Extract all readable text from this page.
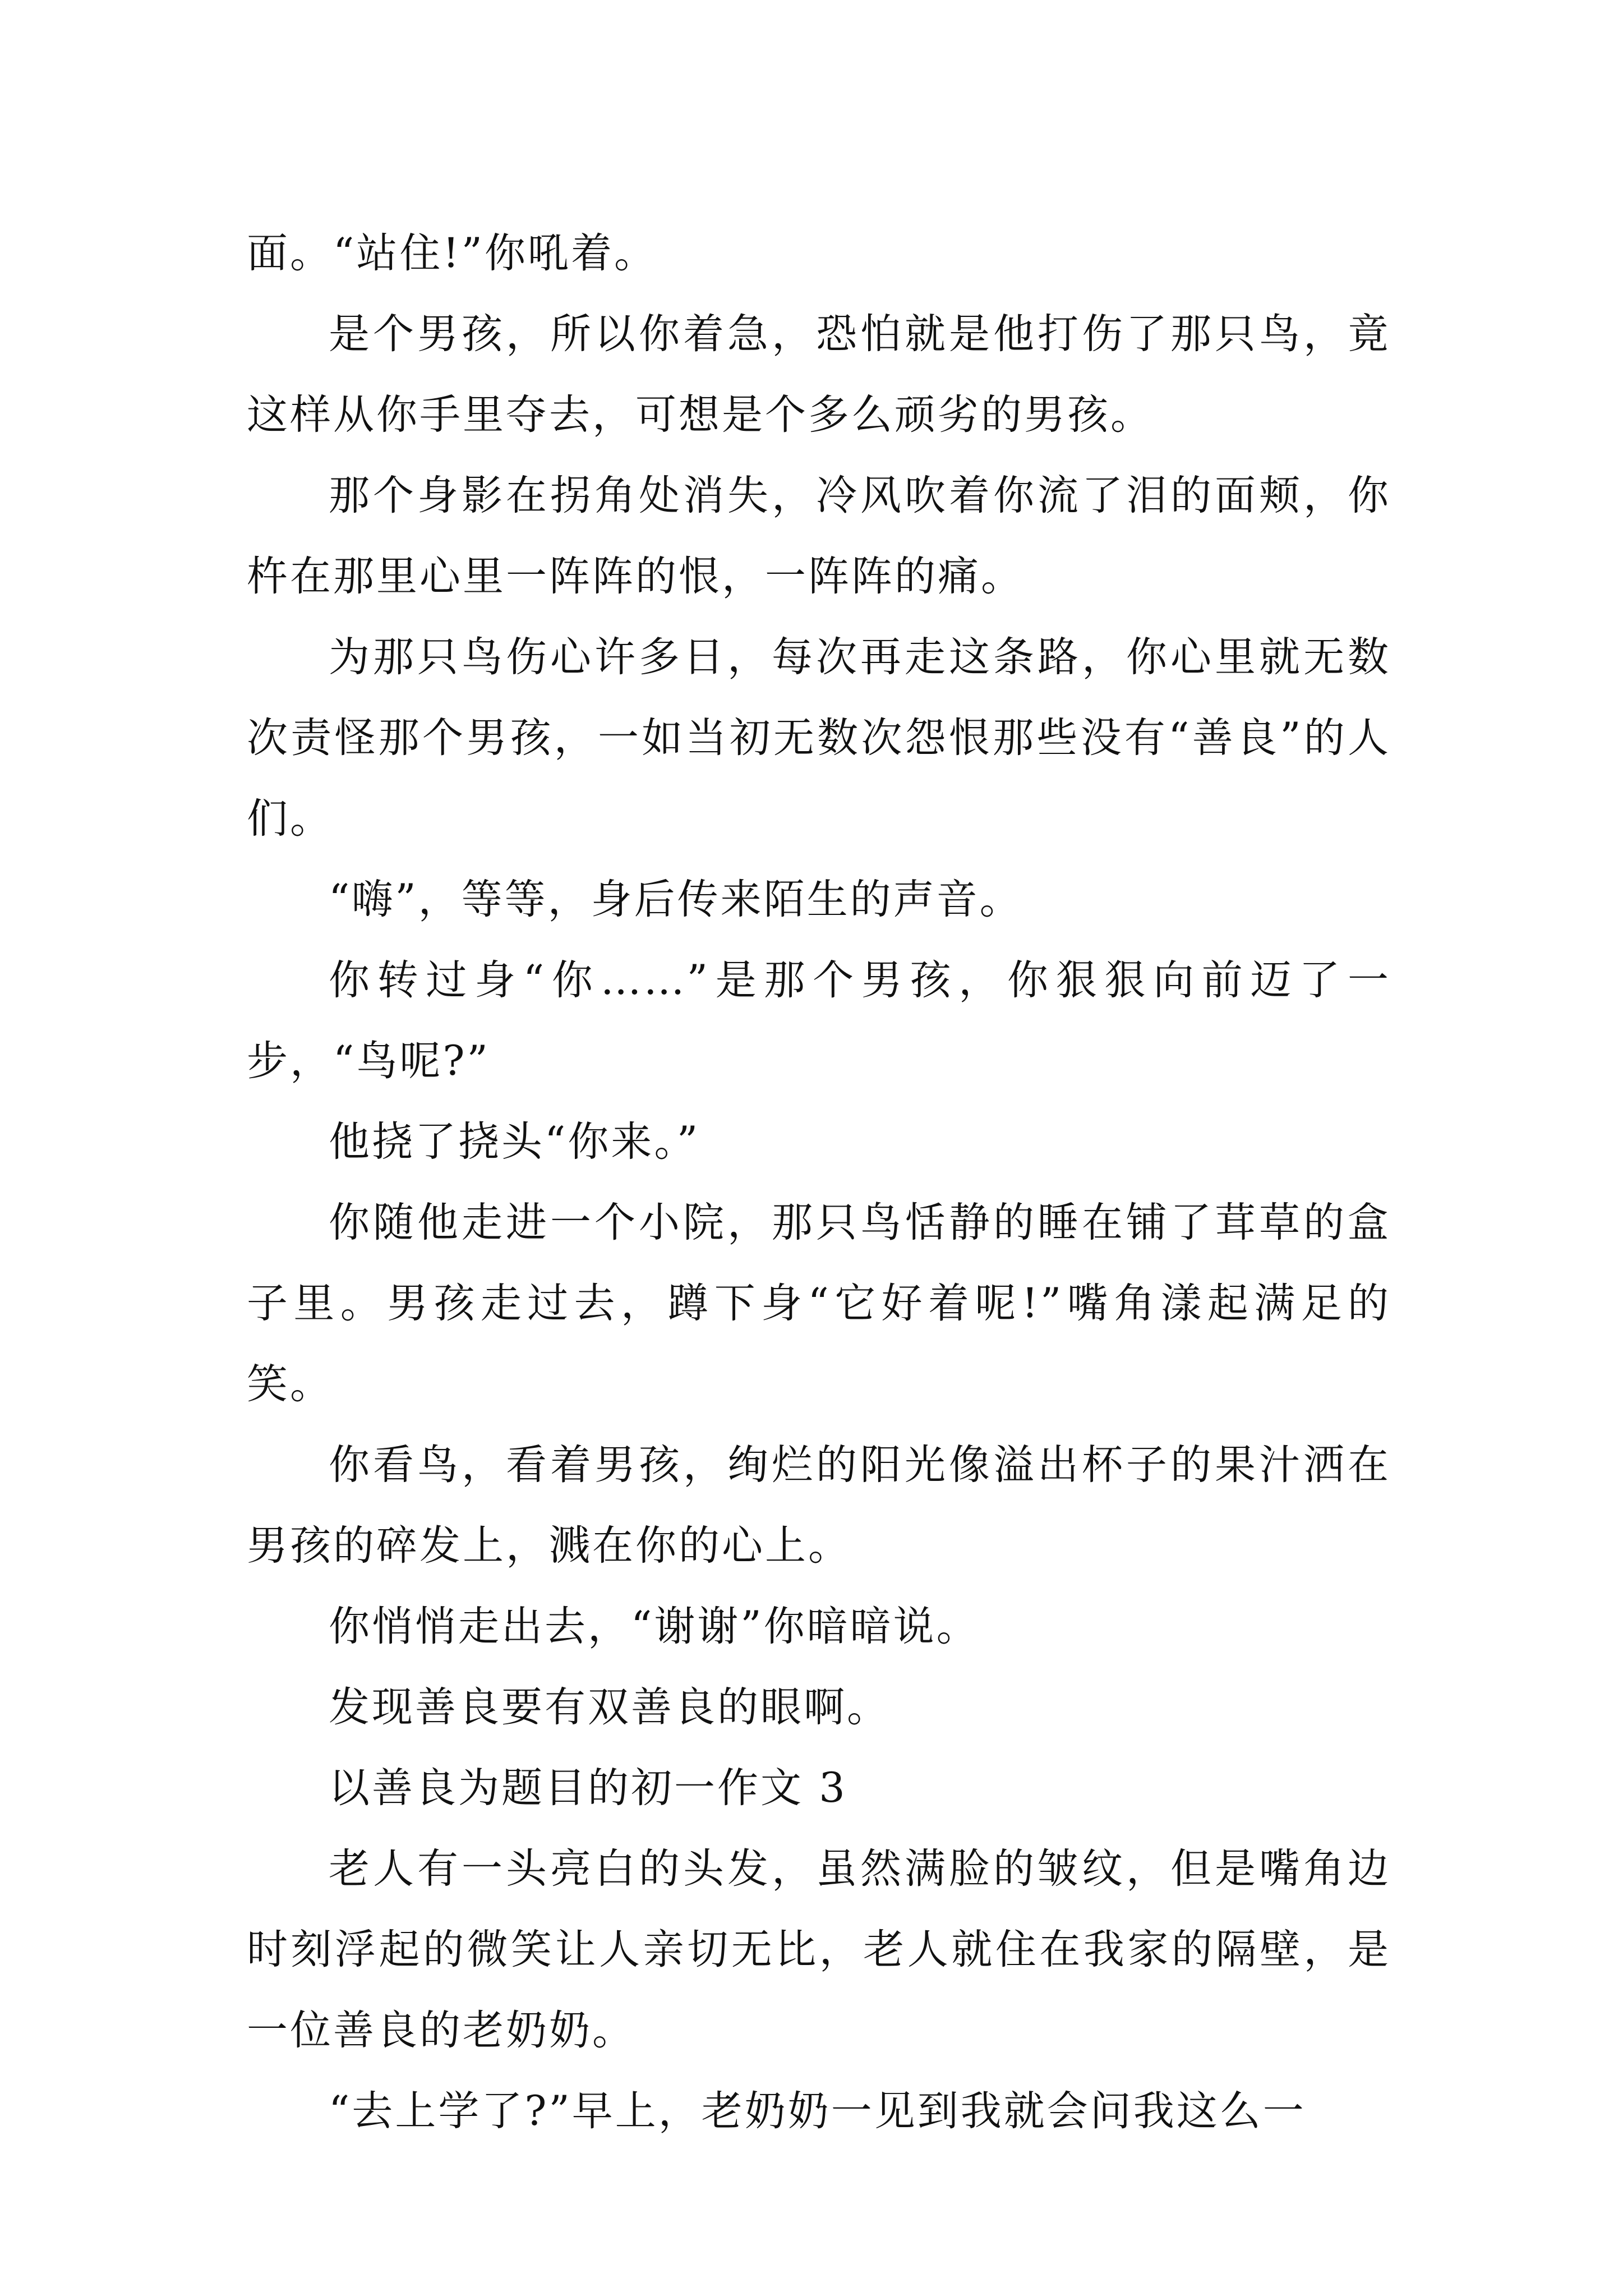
面。“站住!”你吼着。

是个男孩，所以你着急，恐怕就是他打伤了那只鸟，竟这样从你手里夺去，可想是个多么顽劣的男孩。

那个身影在拐角处消失，冷风吹着你流了泪的面颊，你杵在那里心里一阵阵的恨，一阵阵的痛。

为那只鸟伤心许多日，每次再走这条路，你心里就无数次责怪那个男孩，一如当初无数次怨恨那些没有“善良”的人们。

“嗨”，等等，身后传来陌生的声音。

你转过身“你……”是那个男孩，你狠狠向前迈了一步，“鸟呢?”

他挠了挠头“你来。”

你随他走进一个小院，那只鸟恬静的睡在铺了茸草的盒子里。男孩走过去，蹲下身“它好着呢!”嘴角漾起满足的笑。

你看鸟，看着男孩，绚烂的阳光像溢出杯子的果汁洒在男孩的碎发上，溅在你的心上。

你悄悄走出去，“谢谢”你暗暗说。

发现善良要有双善良的眼啊。

以善良为题目的初一作文 3

老人有一头亮白的头发，虽然满脸的皱纹，但是嘴角边时刻浮起的微笑让人亲切无比，老人就住在我家的隔壁，是一位善良的老奶奶。

“去上学了?”早上，老奶奶一见到我就会问我这么一
